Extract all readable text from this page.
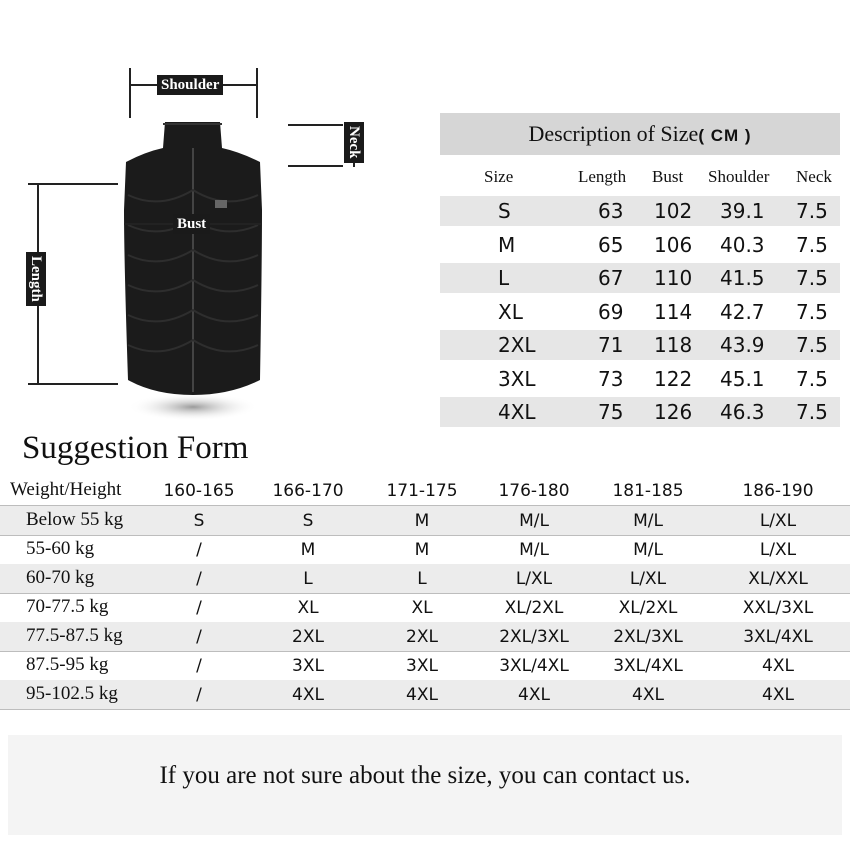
Shoulder
Neck
Bust
Length
Description of Size( CM )
Size	Length Bust Shoulder Neck
S	63 102 39.1 7.5
M	65 106 40.3 7.5
L	67 110 41.5 7.5
XL	69 114 42.7 7.5
2XL	71 118 43.9 7.5
3XL	73 122 45.1 7.5
4XL	75 126 46.3 7.5
Suggestion Form
Weight/Height	160-165	166-170	171-175	176-180	181-185	186-190
Below 55 kg	S	S	M	M/L	M/L	L/XL
55-60 kg	/	M	M	M/L	M/L	L/XL
60-70 kg	/	L	L	L/XL	L/XL	XL/XXL
70-77.5 kg	/	XL	XL	XL/2XL	XL/2XL	XXL/3XL
77.5-87.5 kg	/	2XL	2XL	2XL/3XL	2XL/3XL	3XL/4XL
87.5-95 kg	/	3XL	3XL	3XL/4XL	3XL/4XL	4XL
95-102.5 kg	/	4XL	4XL	4XL	4XL	4XL
If you are not sure about the size, you can contact us.
